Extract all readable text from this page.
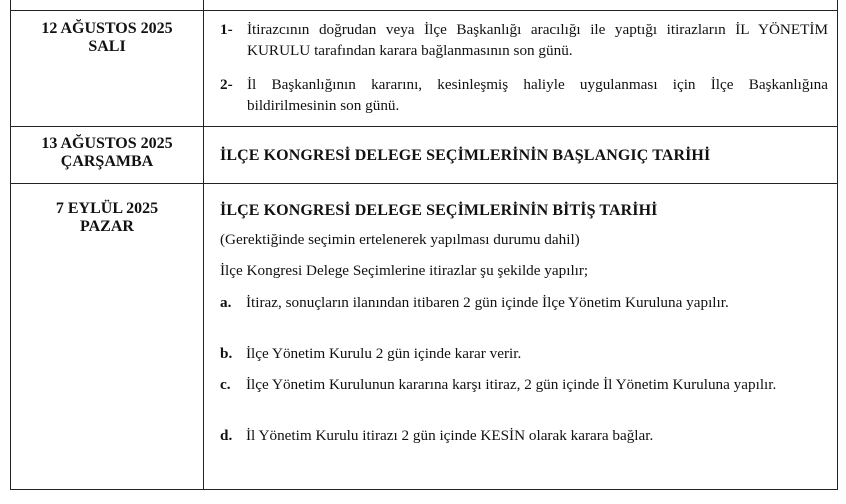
12 AĞUSTOS 2025
SALI
1- İtirazcının doğrudan veya İlçe Başkanlığı aracılığı ile yaptığı itirazların İL YÖNETİM KURULU tarafından karara bağlanmasının son günü.
2- İl Başkanlığının kararını, kesinleşmiş haliyle uygulanması için İlçe Başkanlığına bildirilmesinin son günü.
13 AĞUSTOS 2025
ÇARŞAMBA	İLÇE KONGRESİ DELEGE SEÇİMLERİNİN BAŞLANGIÇ TARİHİ
7 EYLÜL 2025
PAZAR
İLÇE KONGRESİ DELEGE SEÇİMLERİNİN BİTİŞ TARİHİ
(Gerektiğinde seçimin ertelenerek yapılması durumu dahil)
İlçe Kongresi Delege Seçimlerine itirazlar şu şekilde yapılır;
a. İtiraz, sonuçların ilanından itibaren 2 gün içinde İlçe Yönetim Kuruluna yapılır.
b. İlçe Yönetim Kurulu 2 gün içinde karar verir.
c. İlçe Yönetim Kurulunun kararına karşı itiraz, 2 gün içinde İl Yönetim Kuruluna yapılır.
d. İl Yönetim Kurulu itirazı 2 gün içinde KESİN olarak karara bağlar.
